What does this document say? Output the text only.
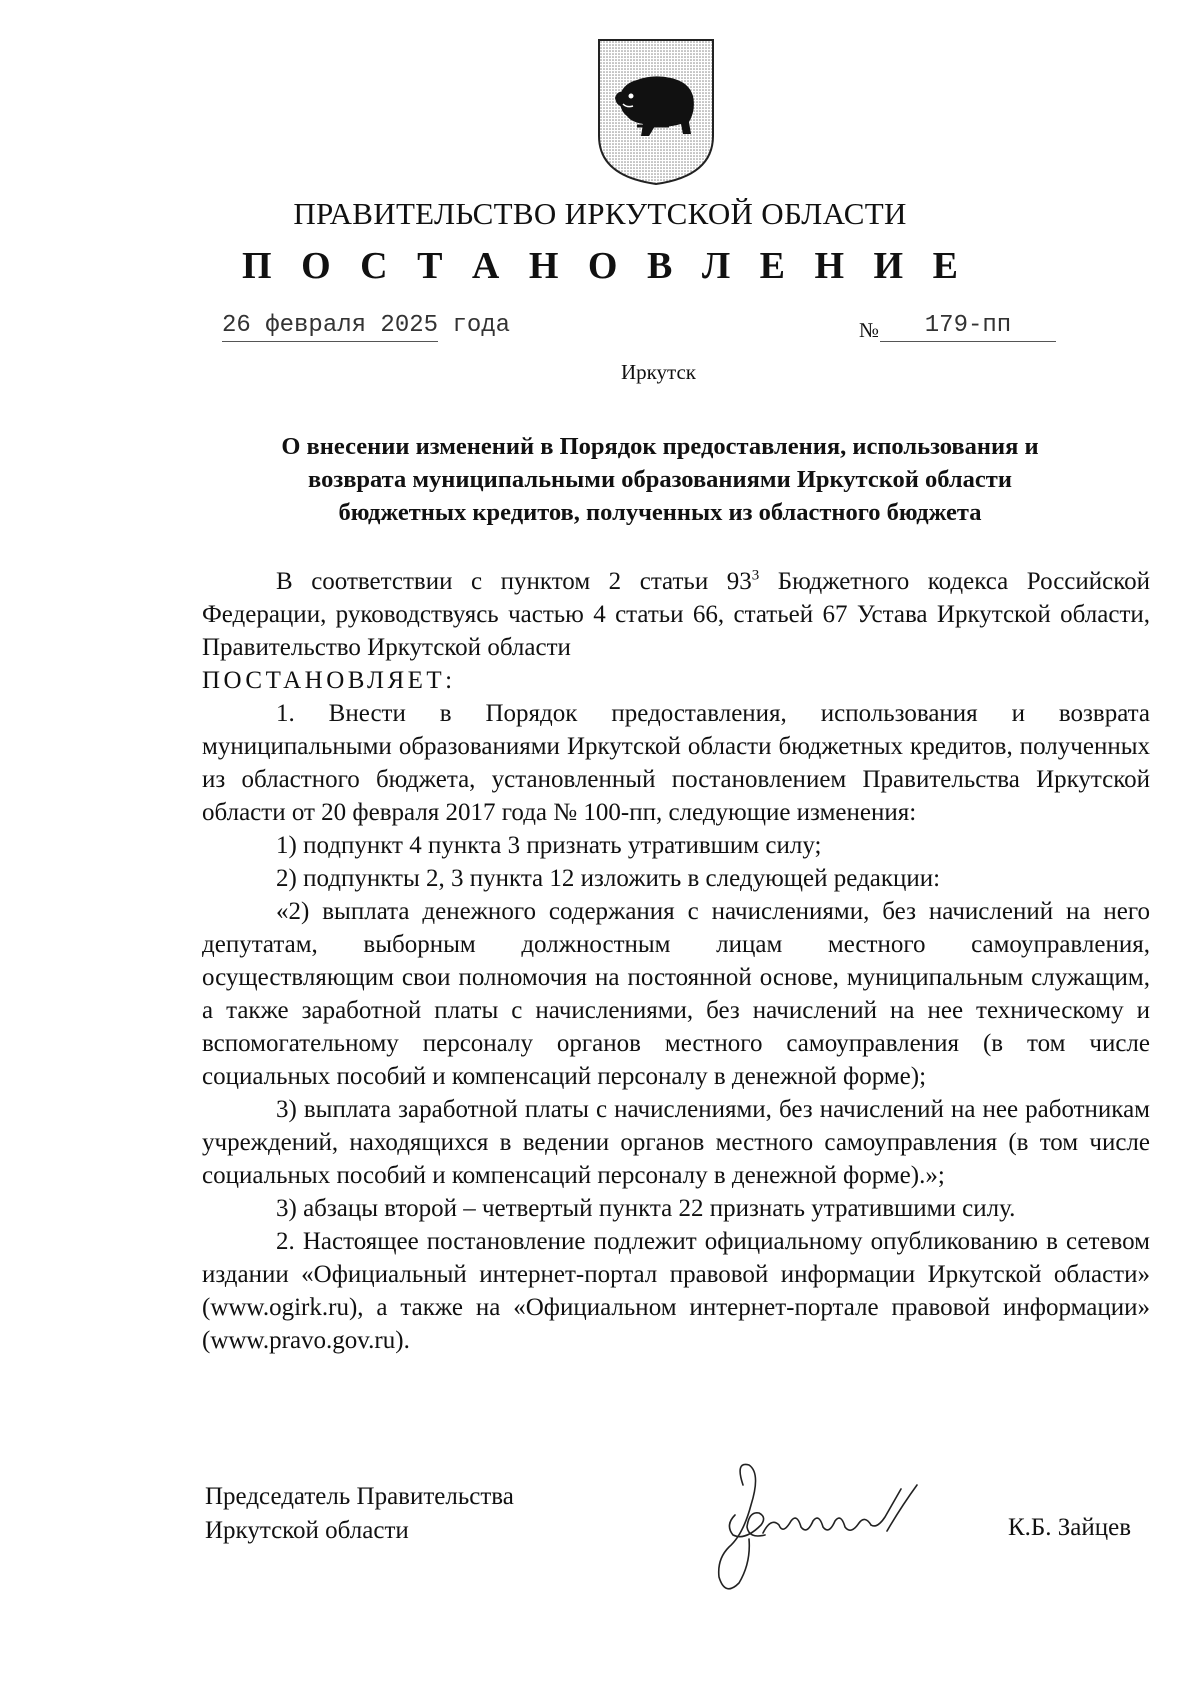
ПРАВИТЕЛЬСТВО ИРКУТСКОЙ ОБЛАСТИ
П О С Т А Н О В Л Е Н И Е
26 февраля 2025 года	№	179-пп
Иркутск
О внесении изменений в Порядок предоставления, использования и
возврата муниципальными образованиями Иркутской области
бюджетных кредитов, полученных из областного бюджета

В соответствии с пунктом 2 статьи $93^3$ Бюджетного кодекса Российской Федерации, руководствуясь частью 4 статьи 66, статьей 67 Устава Иркутской области, Правительство Иркутской области

ПОСТАНОВЛЯЕТ:

1. Внести в Порядок предоставления, использования и возврата муниципальными образованиями Иркутской области бюджетных кредитов, полученных из областного бюджета, установленный постановлением Правительства Иркутской области от 20 февраля 2017 года № 100-пп, следующие изменения:

1) подпункт 4 пункта 3 признать утратившим силу;

2) подпункты 2, 3 пункта 12 изложить в следующей редакции:

«2) выплата денежного содержания с начислениями, без начислений на него депутатам, выборным должностным лицам местного самоуправления, осуществляющим свои полномочия на постоянной основе, муниципальным служащим, а также заработной платы с начислениями, без начислений на нее техническому и вспомогательному персоналу органов местного самоуправления (в том числе социальных пособий и компенсаций персоналу в денежной форме);

3) выплата заработной платы с начислениями, без начислений на нее работникам учреждений, находящихся в ведении органов местного самоуправления (в том числе социальных пособий и компенсаций персоналу в денежной форме).»;

3) абзацы второй – четвертый пункта 22 признать утратившими силу.

2. Настоящее постановление подлежит официальному опубликованию в сетевом издании «Официальный интернет-портал правовой информации Иркутской области» (www.ogirk.ru), а также на «Официальном интернет-портале правовой информации» (www.pravo.gov.ru).

Председатель Правительства
Иркутской области	К.Б. Зайцев
